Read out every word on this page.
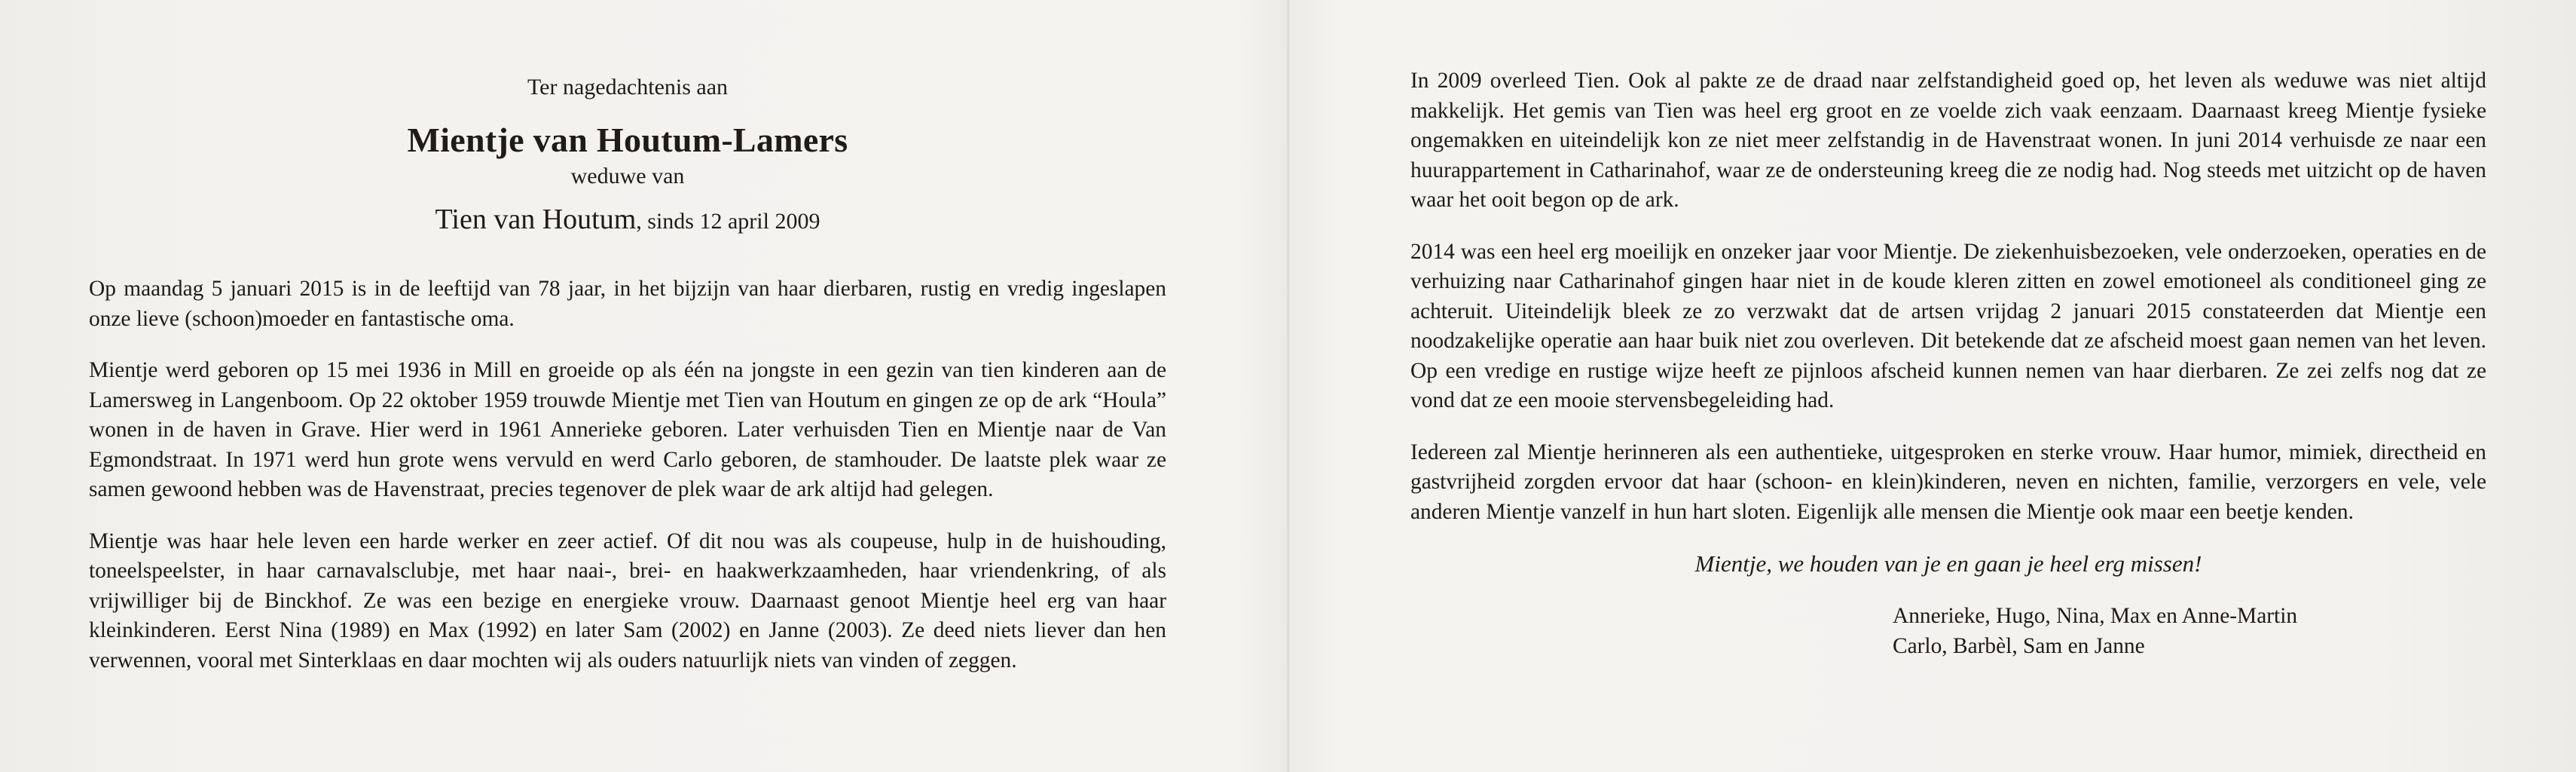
Ter nagedachtenis aan
Mientje van Houtum-Lamers
weduwe van
Tien van Houtum, sinds 12 april 2009

Op maandag 5 januari 2015 is in de leeftijd van 78 jaar, in het bijzijn van haar dierbaren, rustig en vredig ingeslapen onze lieve (schoon)moeder en fantastische oma.

Mientje werd geboren op 15 mei 1936 in Mill en groeide op als één na jongste in een gezin van tien kinderen aan de Lamersweg in Langenboom. Op 22 oktober 1959 trouwde Mientje met Tien van Houtum en gingen ze op de ark “Houla” wonen in de haven in Grave. Hier werd in 1961 Annerieke geboren. Later verhuisden Tien en Mientje naar de Van Egmondstraat. In 1971 werd hun grote wens vervuld en werd Carlo geboren, de stamhouder. De laatste plek waar ze samen gewoond hebben was de Havenstraat, precies tegenover de plek waar de ark altijd had gelegen.

Mientje was haar hele leven een harde werker en zeer actief. Of dit nou was als coupeuse, hulp in de huishouding, toneelspeelster, in haar carnavalsclubje, met haar naai-, brei- en haakwerkzaamheden, haar vriendenkring, of als vrijwilliger bij de Binckhof. Ze was een bezige en energieke vrouw. Daarnaast genoot Mientje heel erg van haar kleinkinderen. Eerst Nina (1989) en Max (1992) en later Sam (2002) en Janne (2003). Ze deed niets liever dan hen verwennen, vooral met Sinterklaas en daar mochten wij als ouders natuurlijk niets van vinden of zeggen.

In 2009 overleed Tien. Ook al pakte ze de draad naar zelfstandigheid goed op, het leven als weduwe was niet altijd makkelijk. Het gemis van Tien was heel erg groot en ze voelde zich vaak eenzaam. Daarnaast kreeg Mientje fysieke ongemakken en uiteindelijk kon ze niet meer zelfstandig in de Havenstraat wonen. In juni 2014 verhuisde ze naar een huurappartement in Catharinahof, waar ze de ondersteuning kreeg die ze nodig had. Nog steeds met uitzicht op de haven waar het ooit begon op de ark.

2014 was een heel erg moeilijk en onzeker jaar voor Mientje. De ziekenhuisbezoeken, vele onderzoeken, operaties en de verhuizing naar Catharinahof gingen haar niet in de koude kleren zitten en zowel emotioneel als conditioneel ging ze achteruit. Uiteindelijk bleek ze zo verzwakt dat de artsen vrijdag 2 januari 2015 constateerden dat Mientje een noodzakelijke operatie aan haar buik niet zou overleven. Dit betekende dat ze afscheid moest gaan nemen van het leven. Op een vredige en rustige wijze heeft ze pijnloos afscheid kunnen nemen van haar dierbaren. Ze zei zelfs nog dat ze vond dat ze een mooie stervensbegeleiding had.

Iedereen zal Mientje herinneren als een authentieke, uitgesproken en sterke vrouw. Haar humor, mimiek, directheid en gastvrijheid zorgden ervoor dat haar (schoon- en klein)kinderen, neven en nichten, familie, verzorgers en vele, vele anderen Mientje vanzelf in hun hart sloten. Eigenlijk alle mensen die Mientje ook maar een beetje kenden.

Mientje, we houden van je en gaan je heel erg missen!
Annerieke, Hugo, Nina, Max en Anne-Martin
Carlo, Barbèl, Sam en Janne
